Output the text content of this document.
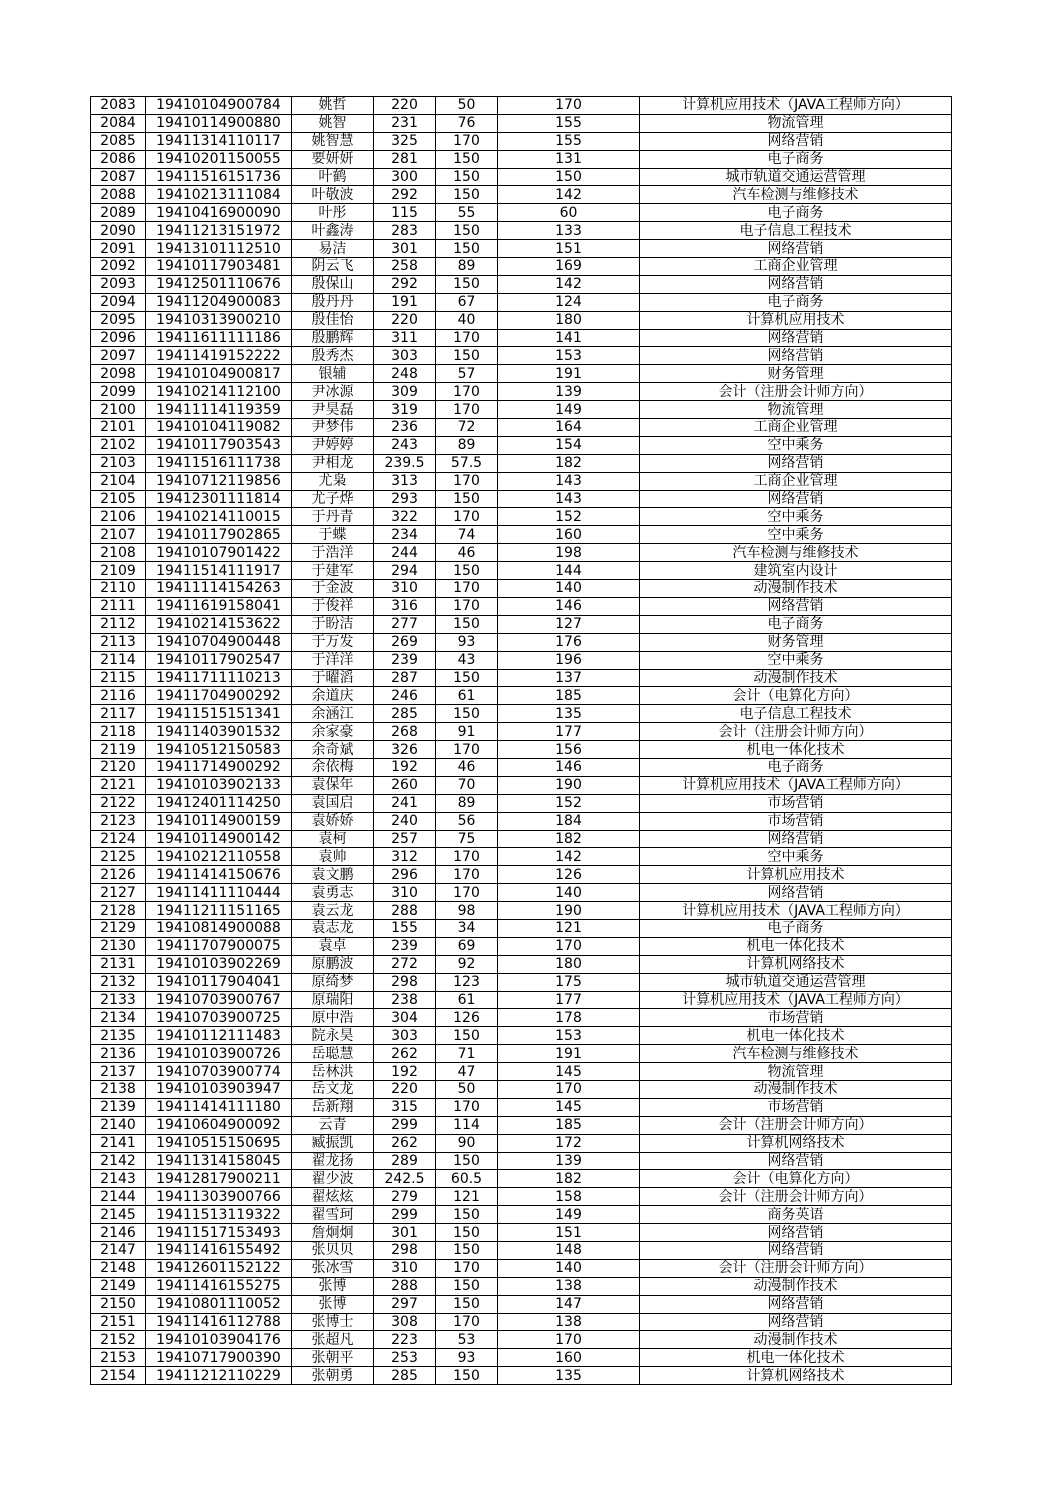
2083	19410104900784	姚哲	220	50	170	计算机应用技术（JAVA工程师方向）
2084	19410114900880	姚智	231	76	155	物流管理
2085	19411314110117	姚智慧	325	170	155	网络营销
2086	19410201150055	要妍妍	281	150	131	电子商务
2087	19411516151736	叶鹤	300	150	150	城市轨道交通运营管理
2088	19410213111084	叶敬波	292	150	142	汽车检测与维修技术
2089	19410416900090	叶彤	115	55	60	电子商务
2090	19411213151972	叶鑫涛	283	150	133	电子信息工程技术
2091	19413101112510	易洁	301	150	151	网络营销
2092	19410117903481	阴云飞	258	89	169	工商企业管理
2093	19412501110676	殷保山	292	150	142	网络营销
2094	19411204900083	殷丹丹	191	67	124	电子商务
2095	19410313900210	殷佳怡	220	40	180	计算机应用技术
2096	19411611111186	殷鹏辉	311	170	141	网络营销
2097	19411419152222	殷秀杰	303	150	153	网络营销
2098	19410104900817	银辅	248	57	191	财务管理
2099	19410214112100	尹冰源	309	170	139	会计（注册会计师方向）
2100	19411114119359	尹昊磊	319	170	149	物流管理
2101	19410104119082	尹梦伟	236	72	164	工商企业管理
2102	19410117903543	尹婷婷	243	89	154	空中乘务
2103	19411516111738	尹相龙	239.5	57.5	182	网络营销
2104	19410712119856	尤枭	313	170	143	工商企业管理
2105	19412301111814	尤子烨	293	150	143	网络营销
2106	19410214110015	于丹青	322	170	152	空中乘务
2107	19410117902865	于蝶	234	74	160	空中乘务
2108	19410107901422	于浩洋	244	46	198	汽车检测与维修技术
2109	19411514111917	于建军	294	150	144	建筑室内设计
2110	19411114154263	于金波	310	170	140	动漫制作技术
2111	19411619158041	于俊祥	316	170	146	网络营销
2112	19410214153622	于盼洁	277	150	127	电子商务
2113	19410704900448	于万发	269	93	176	财务管理
2114	19410117902547	于洋洋	239	43	196	空中乘务
2115	19411711110213	于曜滔	287	150	137	动漫制作技术
2116	19411704900292	余道庆	246	61	185	会计（电算化方向）
2117	19411515151341	余涵江	285	150	135	电子信息工程技术
2118	19411403901532	余家豪	268	91	177	会计（注册会计师方向）
2119	19410512150583	余奇斌	326	170	156	机电一体化技术
2120	19411714900292	余依梅	192	46	146	电子商务
2121	19410103902133	袁保年	260	70	190	计算机应用技术（JAVA工程师方向）
2122	19412401114250	袁国启	241	89	152	市场营销
2123	19410114900159	袁娇娇	240	56	184	市场营销
2124	19410114900142	袁柯	257	75	182	网络营销
2125	19410212110558	袁帅	312	170	142	空中乘务
2126	19411414150676	袁文鹏	296	170	126	计算机应用技术
2127	19411411110444	袁勇志	310	170	140	网络营销
2128	19411211151165	袁云龙	288	98	190	计算机应用技术（JAVA工程师方向）
2129	19410814900088	袁志龙	155	34	121	电子商务
2130	19411707900075	袁卓	239	69	170	机电一体化技术
2131	19410103902269	原鹏波	272	92	180	计算机网络技术
2132	19410117904041	原绮梦	298	123	175	城市轨道交通运营管理
2133	19410703900767	原瑞阳	238	61	177	计算机应用技术（JAVA工程师方向）
2134	19410703900725	原中浩	304	126	178	市场营销
2135	19410112111483	院永昊	303	150	153	机电一体化技术
2136	19410103900726	岳聪慧	262	71	191	汽车检测与维修技术
2137	19410703900774	岳林洪	192	47	145	物流管理
2138	19410103903947	岳文龙	220	50	170	动漫制作技术
2139	19411414111180	岳新翔	315	170	145	市场营销
2140	19410604900092	云青	299	114	185	会计（注册会计师方向）
2141	19410515150695	臧振凯	262	90	172	计算机网络技术
2142	19411314158045	翟龙扬	289	150	139	网络营销
2143	19412817900211	翟少波	242.5	60.5	182	会计（电算化方向）
2144	19411303900766	翟炫炫	279	121	158	会计（注册会计师方向）
2145	19411513119322	翟雪珂	299	150	149	商务英语
2146	19411517153493	詹炯炯	301	150	151	网络营销
2147	19411416155492	张贝贝	298	150	148	网络营销
2148	19412601152122	张冰雪	310	170	140	会计（注册会计师方向）
2149	19411416155275	张博	288	150	138	动漫制作技术
2150	19410801110052	张博	297	150	147	网络营销
2151	19411416112788	张博士	308	170	138	网络营销
2152	19410103904176	张超凡	223	53	170	动漫制作技术
2153	19410717900390	张朝平	253	93	160	机电一体化技术
2154	19411212110229	张朝勇	285	150	135	计算机网络技术
